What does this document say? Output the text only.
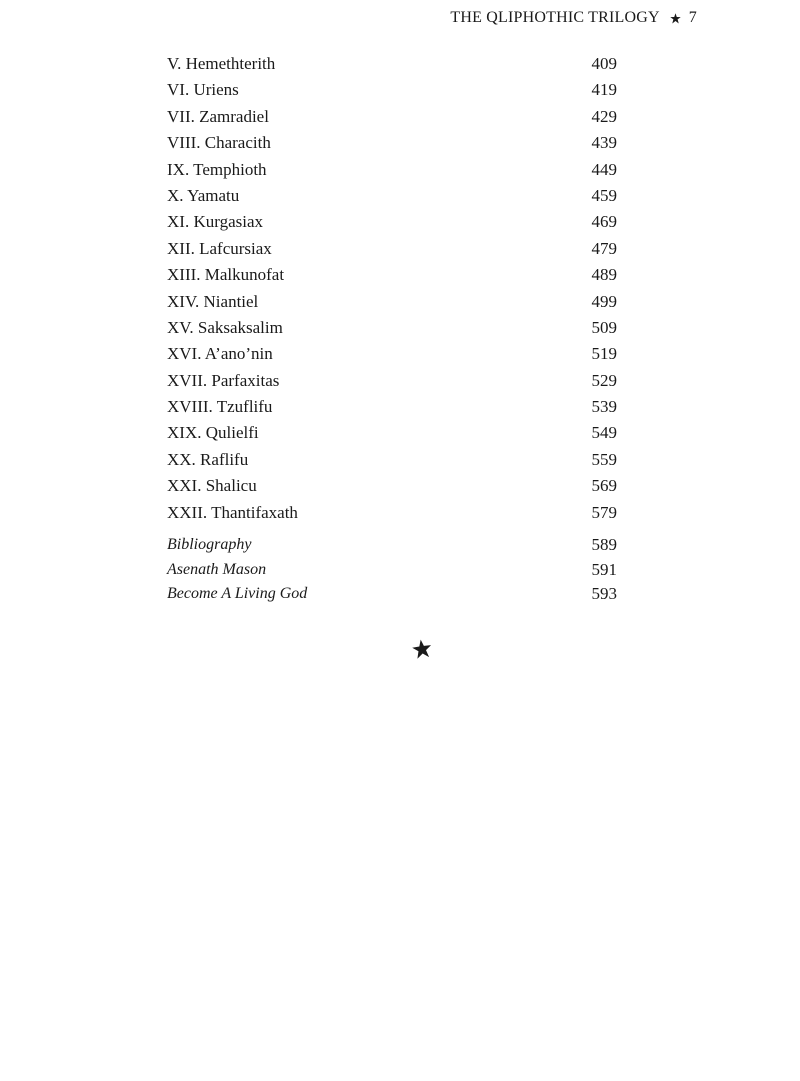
THE QLIPHOTHIC TRILOGY 7
V. Hemethterith	409
VI. Uriens	419
VII. Zamradiel	429
VIII. Characith	439
IX. Temphioth	449
X. Yamatu	459
XI. Kurgasiax	469
XII. Lafcursiax	479
XIII. Malkunofat	489
XIV. Niantiel	499
XV. Saksaksalim	509
XVI. A’ano’nin	519
XVII. Parfaxitas	529
XVIII. Tzuflifu	539
XIX. Qulielfi	549
XX. Raflifu	559
XXI. Shalicu	569
XXII. Thantifaxath	579
Bibliography	589
Asenath Mason	591
Become A Living God	593
